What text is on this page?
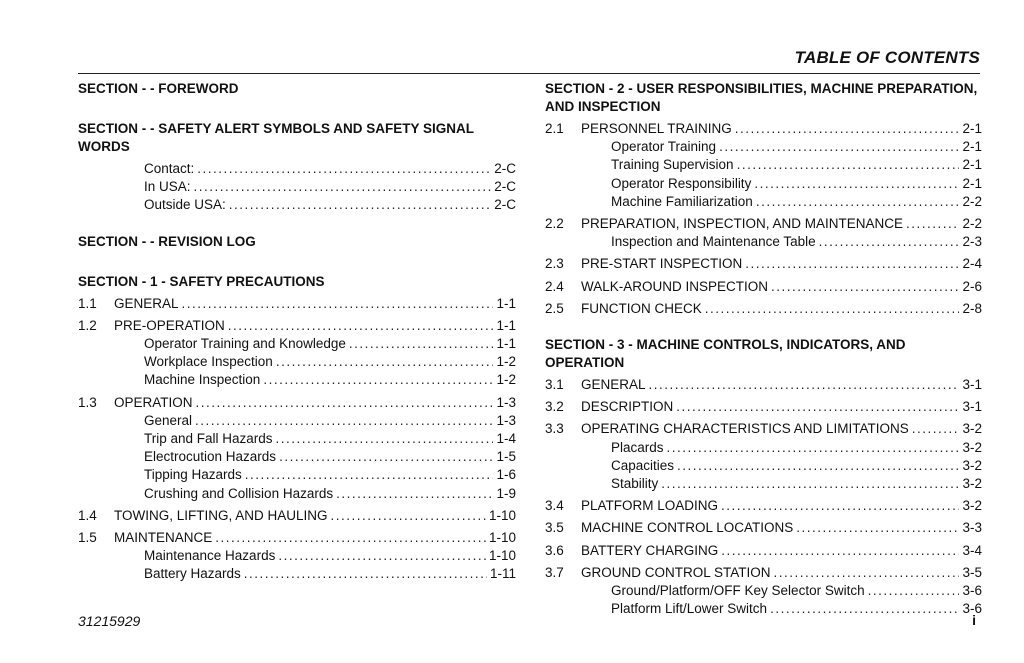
TABLE OF CONTENTS
SECTION - - FOREWORD
SECTION - - SAFETY ALERT SYMBOLS AND SAFETY SIGNAL WORDS
Contact: .....	2-C
In USA: .....	2-C
Outside USA: .....	2-C
SECTION - - REVISION LOG
SECTION - 1 - SAFETY PRECAUTIONS
1.1	GENERAL .....	1-1
1.2	PRE-OPERATION .....	1-1
Operator Training and Knowledge .....	1-1
Workplace Inspection .....	1-2
Machine Inspection .....	1-2
1.3	OPERATION .....	1-3
General .....	1-3
Trip and Fall Hazards .....	1-4
Electrocution Hazards .....	1-5
Tipping Hazards .....	1-6
Crushing and Collision Hazards .....	1-9
1.4	TOWING, LIFTING, AND HAULING .....	1-10
1.5	MAINTENANCE .....	1-10
Maintenance Hazards .....	1-10
Battery Hazards .....	1-11
SECTION - 2 - USER RESPONSIBILITIES, MACHINE PREPARATION, AND INSPECTION
2.1	PERSONNEL TRAINING .....	2-1
Operator Training .....	2-1
Training Supervision .....	2-1
Operator Responsibility .....	2-1
Machine Familiarization .....	2-2
2.2	PREPARATION, INSPECTION, AND MAINTENANCE .....	2-2
Inspection and Maintenance Table .....	2-3
2.3	PRE-START INSPECTION .....	2-4
2.4	WALK-AROUND INSPECTION .....	2-6
2.5	FUNCTION CHECK .....	2-8
SECTION - 3 - MACHINE CONTROLS, INDICATORS, AND OPERATION
3.1	GENERAL .....	3-1
3.2	DESCRIPTION .....	3-1
3.3	OPERATING CHARACTERISTICS AND LIMITATIONS .....	3-2
Placards .....	3-2
Capacities .....	3-2
Stability .....	3-2
3.4	PLATFORM LOADING .....	3-2
3.5	MACHINE CONTROL LOCATIONS .....	3-3
3.6	BATTERY CHARGING .....	3-4
3.7	GROUND CONTROL STATION .....	3-5
Ground/Platform/OFF Key Selector Switch .....	3-6
Platform Lift/Lower Switch .....	3-6
31215929	i
